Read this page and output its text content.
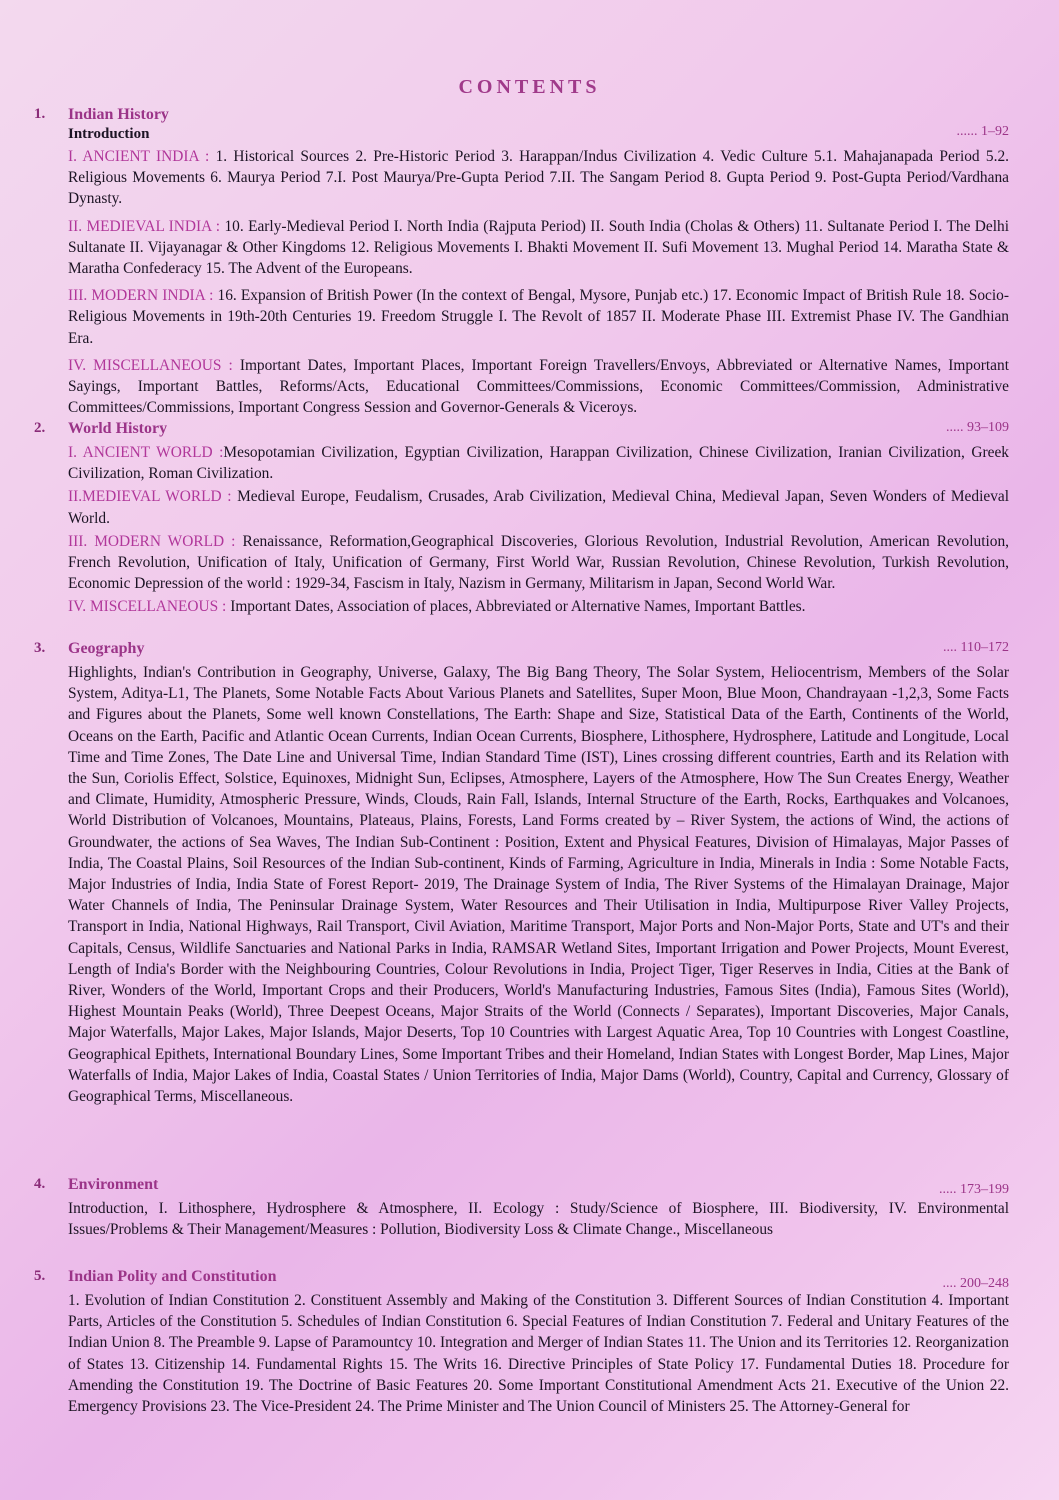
CONTENTS
1. Indian History
Introduction	...... 1–92
I. ANCIENT INDIA : 1. Historical Sources 2. Pre-Historic Period 3. Harappan/Indus Civilization 4. Vedic Culture 5.1. Mahajanapada Period 5.2. Religious Movements 6. Maurya Period 7.I. Post Maurya/Pre-Gupta Period 7.II. The Sangam Period 8. Gupta Period 9. Post-Gupta Period/Vardhana Dynasty.
II. MEDIEVAL INDIA : 10. Early-Medieval Period I. North India (Rajputa Period) II. South India (Cholas & Others) 11. Sultanate Period I. The Delhi Sultanate II. Vijayanagar & Other Kingdoms 12. Religious Movements I. Bhakti Movement II. Sufi Movement 13. Mughal Period 14. Maratha State & Maratha Confederacy 15. The Advent of the Europeans.
III. MODERN INDIA : 16. Expansion of British Power (In the context of Bengal, Mysore, Punjab etc.) 17. Economic Impact of British Rule 18. Socio-Religious Movements in 19th-20th Centuries 19. Freedom Struggle I. The Revolt of 1857 II. Moderate Phase III. Extremist Phase IV. The Gandhian Era.
IV. MISCELLANEOUS : Important Dates, Important Places, Important Foreign Travellers/Envoys, Abbreviated or Alternative Names, Important Sayings, Important Battles, Reforms/Acts, Educational Committees/Commissions, Economic Committees/Commission, Administrative Committees/Commissions, Important Congress Session and Governor-Generals & Viceroys.
2. World History	..... 93–109
I. ANCIENT WORLD :Mesopotamian Civilization, Egyptian Civilization, Harappan Civilization, Chinese Civilization, Iranian Civilization, Greek Civilization, Roman Civilization.
II.MEDIEVAL WORLD : Medieval Europe, Feudalism, Crusades, Arab Civilization, Medieval China, Medieval Japan, Seven Wonders of Medieval World.
III. MODERN WORLD : Renaissance, Reformation,Geographical Discoveries, Glorious Revolution, Industrial Revolution, American Revolution, French Revolution, Unification of Italy, Unification of Germany, First World War, Russian Revolution, Chinese Revolution, Turkish Revolution, Economic Depression of the world : 1929-34, Fascism in Italy, Nazism in Germany, Militarism in Japan, Second World War.
IV. MISCELLANEOUS : Important Dates, Association of places, Abbreviated or Alternative Names, Important Battles.
3. Geography	.... 110–172
Highlights, Indian's Contribution in Geography, Universe, Galaxy, The Big Bang Theory, The Solar System, Heliocentrism, Members of the Solar System, Aditya-L1, The Planets, Some Notable Facts About Various Planets and Satellites, Super Moon, Blue Moon, Chandrayaan -1,2,3, Some Facts and Figures about the Planets, Some well known Constellations, The Earth: Shape and Size, Statistical Data of the Earth, Continents of the World, Oceans on the Earth, Pacific and Atlantic Ocean Currents, Indian Ocean Currents, Biosphere, Lithosphere, Hydrosphere, Latitude and Longitude, Local Time and Time Zones, The Date Line and Universal Time, Indian Standard Time (IST), Lines crossing different countries, Earth and its Relation with the Sun, Coriolis Effect, Solstice, Equinoxes, Midnight Sun, Eclipses, Atmosphere, Layers of the Atmosphere, How The Sun Creates Energy, Weather and Climate, Humidity, Atmospheric Pressure, Winds, Clouds, Rain Fall, Islands, Internal Structure of the Earth, Rocks, Earthquakes and Volcanoes, World Distribution of Volcanoes, Mountains, Plateaus, Plains, Forests, Land Forms created by – River System, the actions of Wind, the actions of Groundwater, the actions of Sea Waves, The Indian Sub-Continent : Position, Extent and Physical Features, Division of Himalayas, Major Passes of India, The Coastal Plains, Soil Resources of the Indian Sub-continent, Kinds of Farming, Agriculture in India, Minerals in India : Some Notable Facts, Major Industries of India, India State of Forest Report- 2019, The Drainage System of India, The River Systems of the Himalayan Drainage, Major Water Channels of India, The Peninsular Drainage System, Water Resources and Their Utilisation in India, Multipurpose River Valley Projects, Transport in India, National Highways, Rail Transport, Civil Aviation, Maritime Transport, Major Ports and Non-Major Ports, State and UT's and their Capitals, Census, Wildlife Sanctuaries and National Parks in India, RAMSAR Wetland Sites, Important Irrigation and Power Projects, Mount Everest, Length of India's Border with the Neighbouring Countries, Colour Revolutions in India, Project Tiger, Tiger Reserves in India, Cities at the Bank of River, Wonders of the World, Important Crops and their Producers, World's Manufacturing Industries, Famous Sites (India), Famous Sites (World), Highest Mountain Peaks (World), Three Deepest Oceans, Major Straits of the World (Connects / Separates), Important Discoveries, Major Canals, Major Waterfalls, Major Lakes, Major Islands, Major Deserts, Top 10 Countries with Largest Aquatic Area, Top 10 Countries with Longest Coastline, Geographical Epithets, International Boundary Lines, Some Important Tribes and their Homeland, Indian States with Longest Border, Map Lines, Major Waterfalls of India, Major Lakes of India, Coastal States / Union Territories of India, Major Dams (World), Country, Capital and Currency, Glossary of Geographical Terms, Miscellaneous.
4. Environment	..... 173–199
Introduction, I. Lithosphere, Hydrosphere & Atmosphere, II. Ecology : Study/Science of Biosphere, III. Biodiversity, IV. Environmental Issues/Problems & Their Management/Measures : Pollution, Biodiversity Loss & Climate Change., Miscellaneous
5. Indian Polity and Constitution	.... 200–248
1. Evolution of Indian Constitution 2. Constituent Assembly and Making of the Constitution 3. Different Sources of Indian Constitution 4. Important Parts, Articles of the Constitution 5. Schedules of Indian Constitution 6. Special Features of Indian Constitution 7. Federal and Unitary Features of the Indian Union 8. The Preamble 9. Lapse of Paramountcy 10. Integration and Merger of Indian States 11. The Union and its Territories 12. Reorganization of States 13. Citizenship 14. Fundamental Rights 15. The Writs 16. Directive Principles of State Policy 17. Fundamental Duties 18. Procedure for Amending the Constitution 19. The Doctrine of Basic Features 20. Some Important Constitutional Amendment Acts 21. Executive of the Union 22. Emergency Provisions 23. The Vice-President 24. The Prime Minister and The Union Council of Ministers 25. The Attorney-General for
